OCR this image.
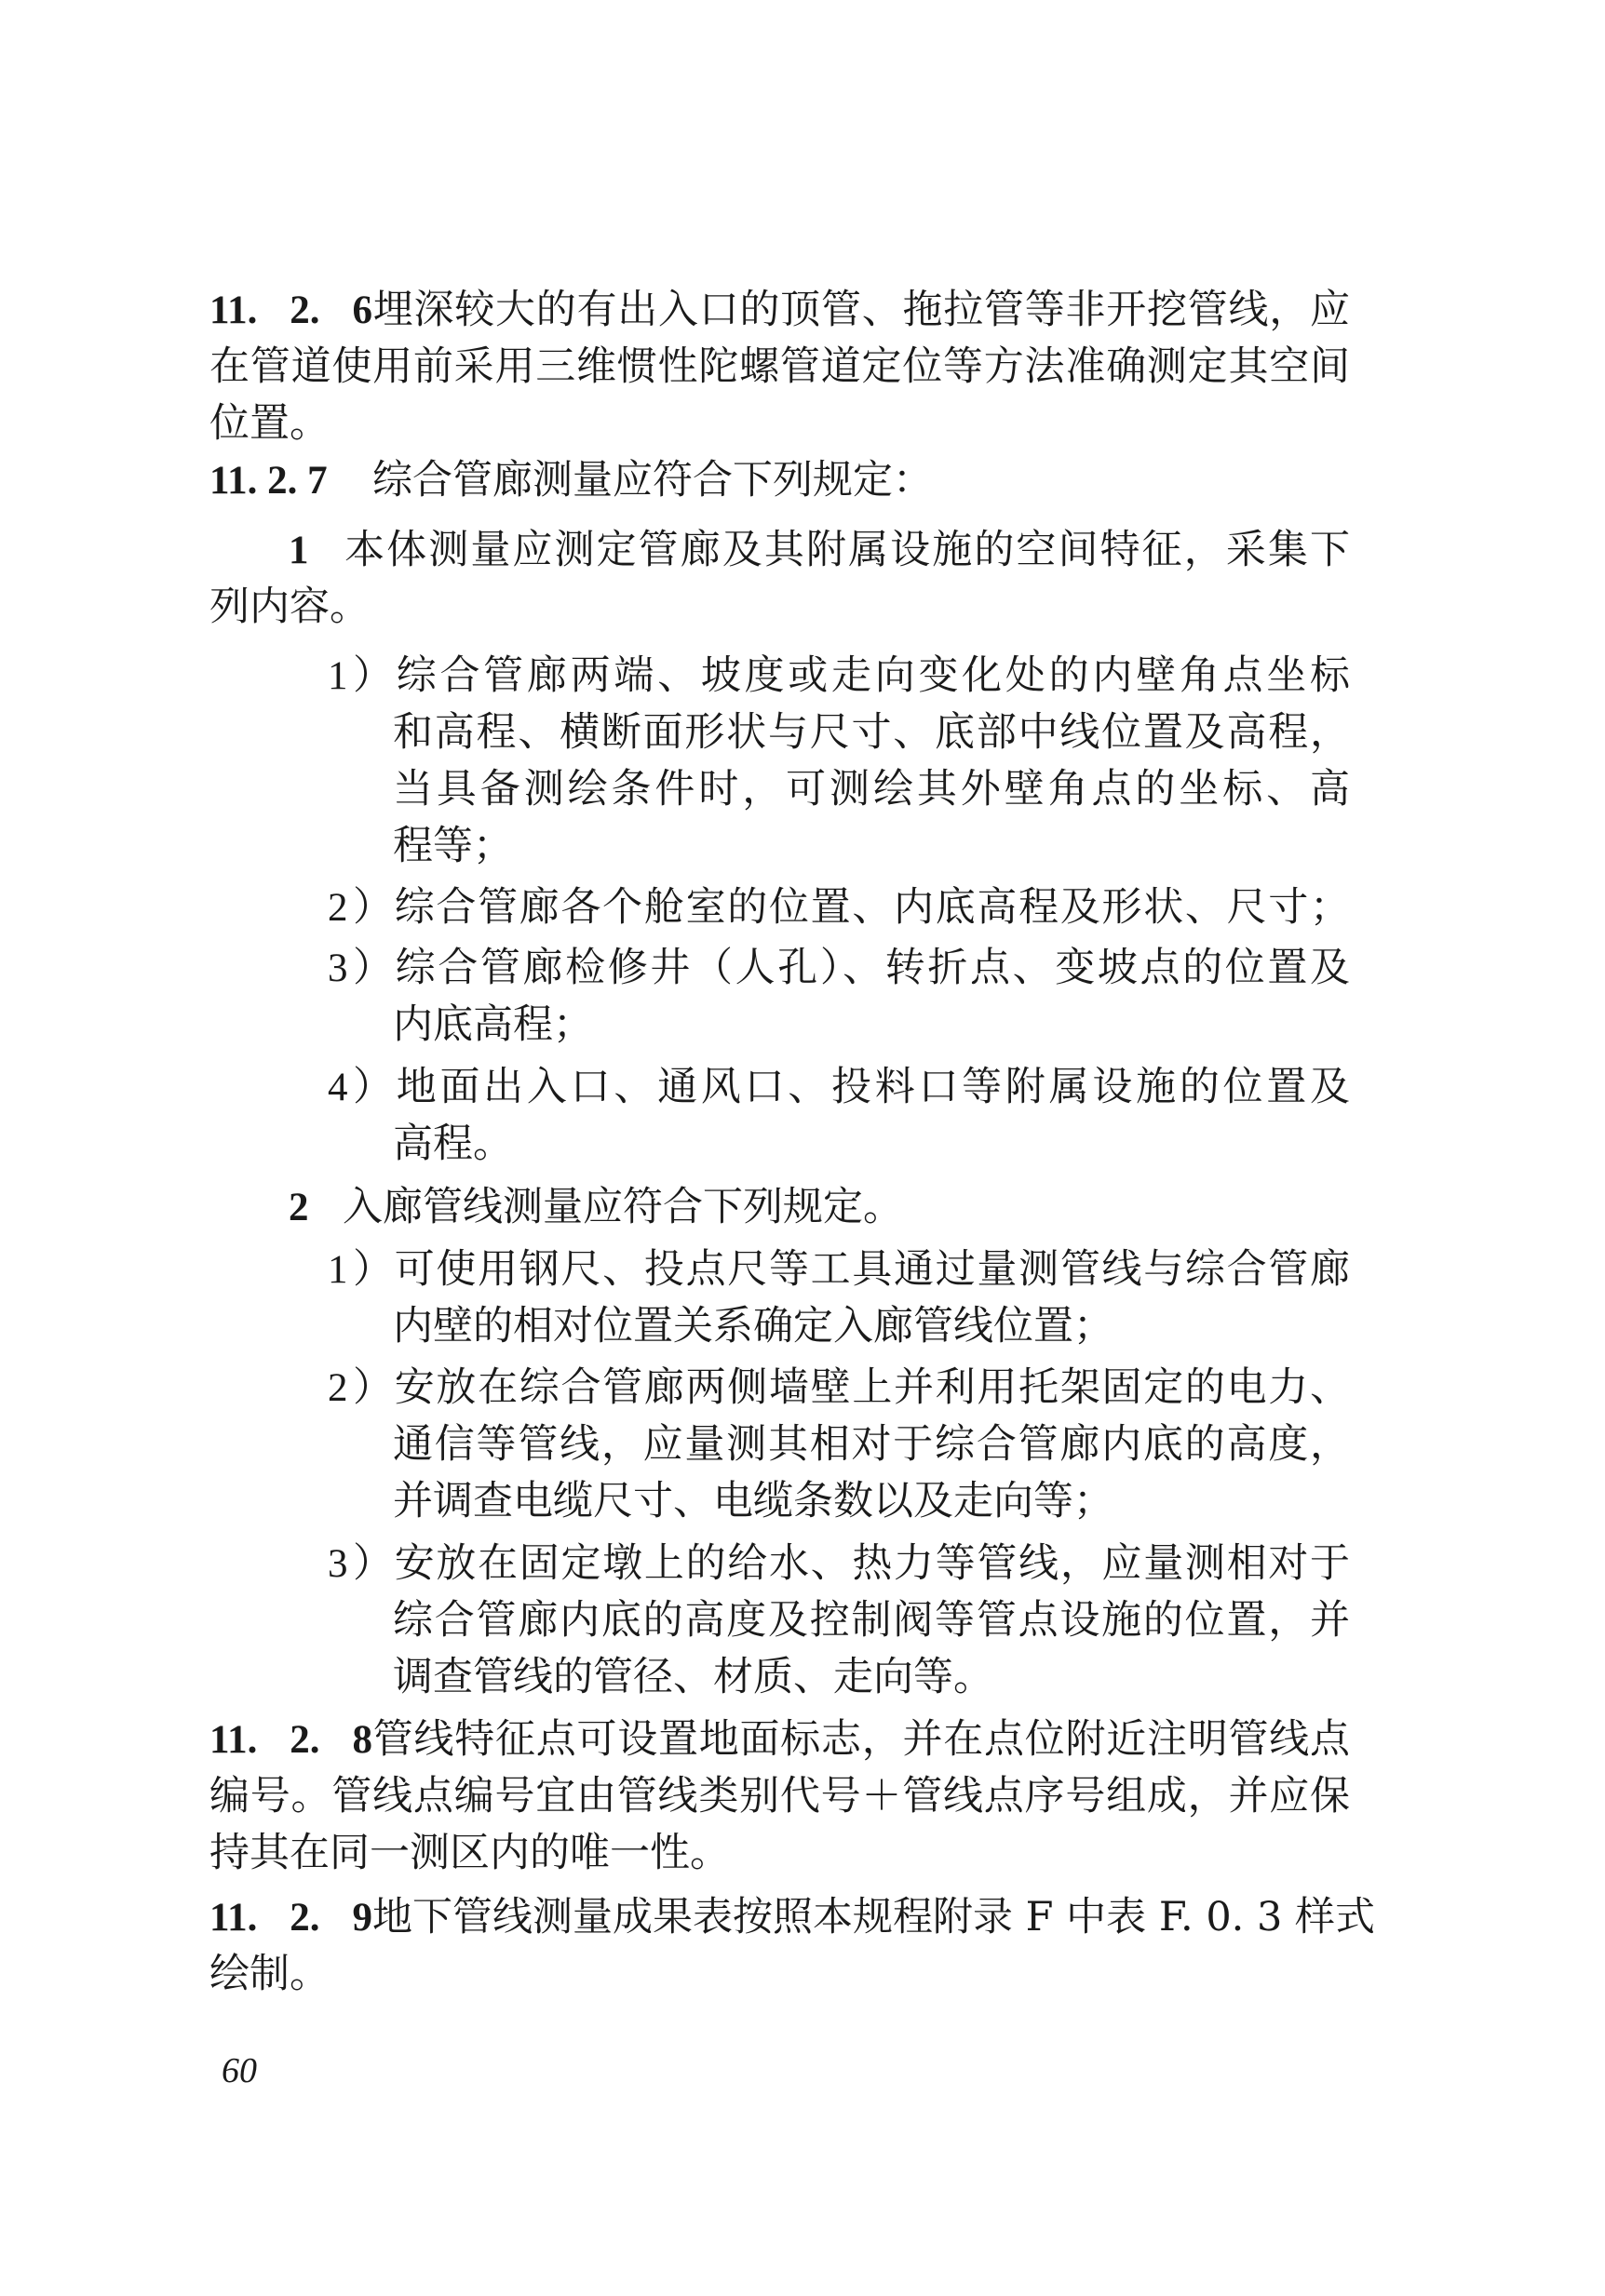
11. 2. 6埋深较大的有出入口的顶管、拖拉管等非开挖管线，应
在管道使用前采用三维惯性陀螺管道定位等方法准确测定其空间
位置。
11. 2. 7 综合管廊测量应符合下列规定：
1 本体测量应测定管廊及其附属设施的空间特征，采集下
列内容。
1）综合管廊两端、坡度或走向变化处的内壁角点坐标
和高程、横断面形状与尺寸、底部中线位置及高程，
当具备测绘条件时，可测绘其外壁角点的坐标、高
程等；
2）综合管廊各个舱室的位置、内底高程及形状、尺寸；
3）综合管廊检修井（人孔）、转折点、变坡点的位置及
内底高程；
4）地面出入口、通风口、投料口等附属设施的位置及
高程。
2 入廊管线测量应符合下列规定。
1）可使用钢尺、投点尺等工具通过量测管线与综合管廊
内壁的相对位置关系确定入廊管线位置；
2）安放在综合管廊两侧墙壁上并利用托架固定的电力、
通信等管线，应量测其相对于综合管廊内底的高度，
并调查电缆尺寸、电缆条数以及走向等；
3）安放在固定墩上的给水、热力等管线，应量测相对于
综合管廊内底的高度及控制阀等管点设施的位置，并
调查管线的管径、材质、走向等。
11. 2. 8管线特征点可设置地面标志，并在点位附近注明管线点
编号。管线点编号宜由管线类别代号＋管线点序号组成，并应保
持其在同一测区内的唯一性。
11. 2. 9地下管线测量成果表按照本规程附录 F 中表 F. 0. 3 样式
绘制。
60
